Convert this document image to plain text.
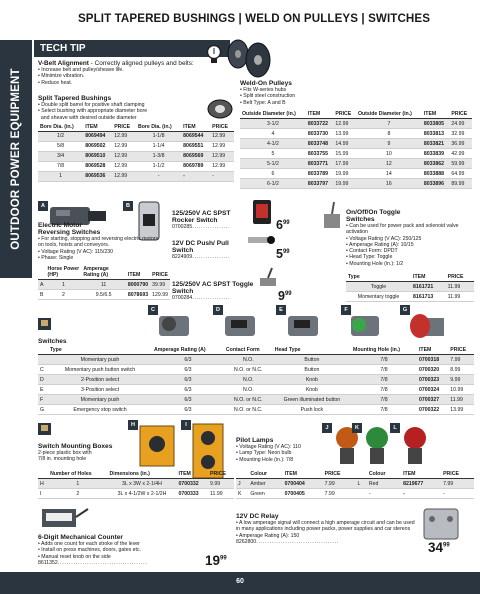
SPLIT TAPERED BUSHINGS | WELD ON PULLEYS | SWITCHES
OUTDOOR POWER EQUIPMENT
TECH TIP
V-Belt Alignment - Correctly aligned pulleys and belts:
• Increase belt and pulley/sheave life.
• Minimize vibration.
• Reduce heat.
Split Tapered Bushings
• Double split barrel for positive shaft clamping
• Select bushing with appropriate diameter bore
and sheave with desired outside diameter
Bore Dia. (in.)	ITEM	PRICE	Bore Dia. (in.)	ITEM	PRICE
1/2	8069494	12.99	1-1/8	8069544	12.99
5/8	8069502	12.99	1-1/4	8069551	12.99
3/4	8069510	12.99	1-3/8	8069569	12.99
7/8	8069528	12.99	1-1/2	8069789	12.99
1	8069536	12.99	-	-	-
Weld-On Pulleys
• Fits W-series hubs
• Split steel construction
• Belt Type: A and B
Outside Diameter (in.)	ITEM	PRICE	Outside Diameter (in.)	ITEM	PRICE
3-1/2	8033722	12.99	7	8033805	24.99
4	8033730	13.99	8	8033813	32.99
4-1/2	8033748	14.99	9	8033821	36.99
5	8033755	15.99	10	8033839	42.99
5-1/2	8033771	17.99	12	8033862	59.99
6	8033789	19.99	14	8033888	64.99
6-1/2	8033797	19.99	16	8033896	89.99
A	B
Electric Motor Reversing Switches
• For starting, stopping and reversing electric motors on tools, hoists and conveyors.
• Voltage Rating (V AC): 115/230
• Phase: Single
	Horse Power (HP)	Amperage Rating (A)	ITEM	PRICE
A	1	11	8000790	39.99
B	2	9.5/6.5	8078693	129.99
125/250V AC SPST Rocker Switch
0700285.................	$6^{99}$
12V DC Push/ Pull Switch
8224909.................	$5^{99}$
125/250V AC SPST Toggle Switch
0700284.................	$9^{99}$
On/Off/On Toggle Switches
• Can be used for power pack and solenoid valve activation
• Voltage Rating (V AC): 250/125
• Amperage Rating (A): 10/15
• Contact Form: DPDT
• Head Type: Toggle
• Mounting Hole (in.): 1/2
Type	ITEM	PRICE
Toggle	8161721	11.99
Momentary toggle	8161713	11.99
C	D	E	F	G
Switches
	Type	Amperage Rating (A)	Contact Form	Head Type	Mounting Hole (in.)	ITEM	PRICE
	Momentary push	6/3	N.O.	Button	7/8	0700318	7.99
C	Momentary push button switch	6/3	N.O. or N.C.	Button	7/8	0700320	8.99
D	2-Position select	6/3	N.O.	Knob	7/8	0700323	9.99
E	3-Position select	6/3	N.O.	Knob	7/8	0700324	10.99
F	Momentary push	6/3	N.O. or N.C.	Green illuminated button	7/8	0700327	11.99
G	Emergency stop switch	6/3	N.O. or N.C.	Push lock	7/8	0700322	13.99
H	I
Switch Mounting Boxes
2-piece plastic box with
7/8 in. mounting hole
	Number of Holes	Dimensions (in.)	ITEM	PRICE
H	1	3L x 3W x 2-1/4H	0700332	9.99
I	2	3L x 4-1/2W x 2-1/2H	0700333	11.99
J	K	L
Pilot Lamps
• Voltage Rating (V AC): 110
• Lamp Type: Neon bulb
• Mounting Hole (in.): 7/8
	Colour	ITEM	PRICE		Colour	ITEM	PRICE
J	Amber	0700404	7.99	L	Red	8219677	7.99
K	Green	0700405	7.99		-	-	-
6-Digit Mechanical Counter
• Adds one count for each stroke of the lever
• Install on press machines, doors, gates etc.
• Manual reset knob on the side
8611352........................................	$19^{99}$
12V DC Relay
• A low amperage signal will connect a high amperage circuit and can be used in many applications including power packs, power supplies and car stereos
• Amperage Rating (A): 150
8262800.....................................	$34^{99}$
60
